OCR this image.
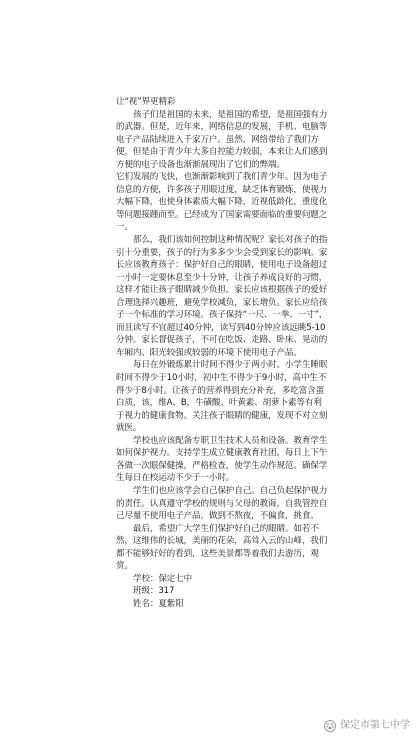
让“视”界更精彩

孩子们是祖国的未来，是祖国的希望，是祖国强有力的武器。但是，近年来，网络信息的发展，手机、电脑等电子产品陆续进入千家万户。虽然，网络带给了我们方便，但是由于青少年大多自控能力较弱，本来让人们感到方便的电子设备也渐渐展现出了它们的弊端。

它们发展的飞快，也渐渐影响到了我们青少年。因为电子信息的方便，许多孩子用眼过度，缺乏体育锻炼，使视力大幅下降，也使身体素质大幅下降，近视低龄化，重度化等问题接踵而至。已经成为了国家需要面临的重要问题之一。

那么，我们该如何控制这种情况呢？家长对孩子的指引十分重要，孩子的行为多多少少会受到家长的影响。家长应该教育孩子：保护好自己的眼睛，使用电子设备超过一小时一定要休息至少十分钟，让孩子养成良好的习惯，这样才能让孩子眼睛减少负担。家长应该根据孩子的爱好合理选择兴趣班，避免学校减负，家长增负。家长应给孩子一个标准的学习环境。孩子保持“一尺、一拳、一寸”，而且读写不宜超过40分钟，读写到40分钟应该远眺5-10分钟。家长督促孩子，不可在吃饭、走路、卧床、晃动的车厢内、阳光较强或较弱的环境下使用电子产品。

每日在外锻炼累计时间不得少于两小时。小学生睡眠时间不得少于10小时，初中生不得少于9小时，高中生不得少于8小时。让孩子的营养得到充分补充，多吃富含蛋白质，该，维A、B，牛磺酸、叶黄素、胡萝卜素等有利于视力的健康食物。关注孩子眼睛的健康，发现不对立刻就医。

学校也应该配备专职卫生技术人员和设备。教育学生如何保护视力。支持学生成立健康教育社团。每日上下午各做一次眼保健操，严格检查，使学生动作规范。确保学生每日在校运动不少于一小时。

学生们也应该学会自己保护自己。自己负起保护视力的责任。认真遵守学校的规则与父母的教诲，自我管控自己尽量不使用电子产品，做到不熬夜，不偏食，挑食。

最后，希望广大学生们保护好自己的眼睛。如若不然，这维伟的长城，美丽的花朵，高耸入云的山峰，我们都不能够好好的看到，这些美景都等着我们去游历，观赏。

学校：保定七中

班级：317

姓名：夏紫阳

保定市第七中学
